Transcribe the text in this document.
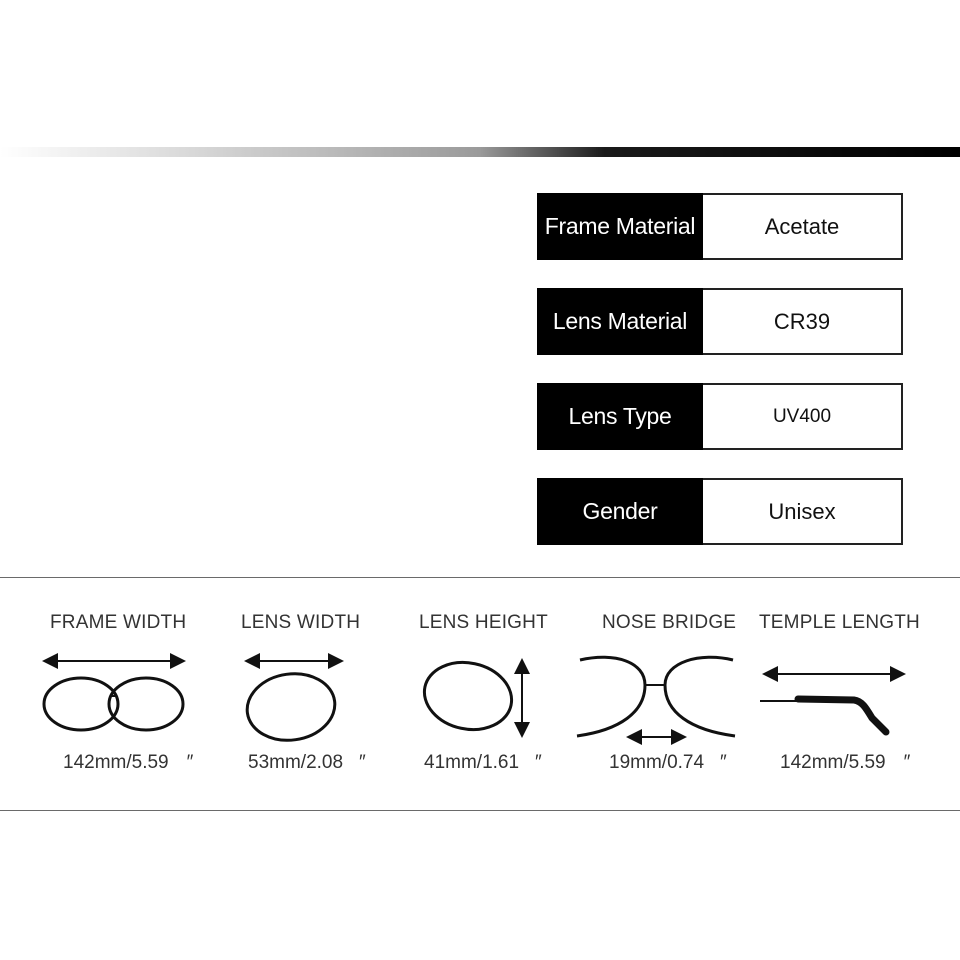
Frame Material	Acetate
Lens Material	CR39
Lens Type	UV400
Gender	Unisex
FRAME WIDTH
142mm/5.59 ″
LENS WIDTH
53mm/2.08 ″
LENS HEIGHT
41mm/1.61 ″
NOSE BRIDGE
19mm/0.74 ″
TEMPLE LENGTH
142mm/5.59 ″
